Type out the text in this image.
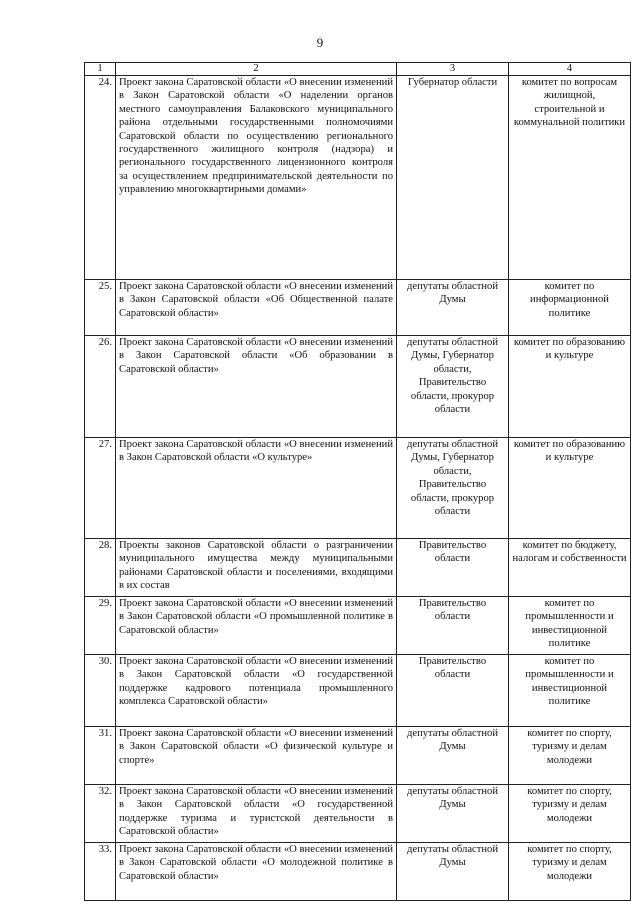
9
1	2	3	4
24.	Проект закона Саратовской области «О внесении изменений в Закон Саратовской области «О наделении органов местного самоуправления Балаковского муниципального района отдельными государственными полномочиями Саратовской области по осуществлению регионального государственного жилищного контроля (надзора) и регионального государственного лицензионного контроля за осуществлением предпринимательской деятельности по управлению многоквартирными домами»	Губернатор области	комитет по вопросам жилищной, строительной и коммунальной политики
25.	Проект закона Саратовской области «О внесении изменений в Закон Саратовской области «Об Общественной палате Саратовской области»	депутаты областной Думы	комитет по информационной политике
26.	Проект закона Саратовской области «О внесении изменений в Закон Саратовской области «Об образовании в Саратовской области»	депутаты областной Думы, Губернатор области, Правительство области, прокурор области	комитет по образованию и культуре
27.	Проект закона Саратовской области «О внесении изменений в Закон Саратовской области «О культуре»	депутаты областной Думы, Губернатор области, Правительство области, прокурор области	комитет по образованию и культуре
28.	Проекты законов Саратовской области о разграничении муниципального имущества между муниципальными районами Саратовской области и поселениями, входящими в их состав	Правительство области	комитет по бюджету, налогам и собственности
29.	Проект закона Саратовской области «О внесении изменений в Закон Саратовской области «О промышленной политике в Саратовской области»	Правительство области	комитет по промышленности и инвестиционной политике
30.	Проект закона Саратовской области «О внесении изменений в Закон Саратовской области «О государственной поддержке кадрового потенциала промышленного комплекса Саратовской области»	Правительство области	комитет по промышленности и инвестиционной политике
31.	Проект закона Саратовской области «О внесении изменений в Закон Саратовской области «О физической культуре и спорте»	депутаты областной Думы	комитет по спорту, туризму и делам молодежи
32.	Проект закона Саратовской области «О внесении изменений в Закон Саратовской области «О государственной поддержке туризма и туристской деятельности в Саратовской области»	депутаты областной Думы	комитет по спорту, туризму и делам молодежи
33.	Проект закона Саратовской области «О внесении изменений в Закон Саратовской области «О молодежной политике в Саратовской области»	депутаты областной Думы	комитет по спорту, туризму и делам молодежи
